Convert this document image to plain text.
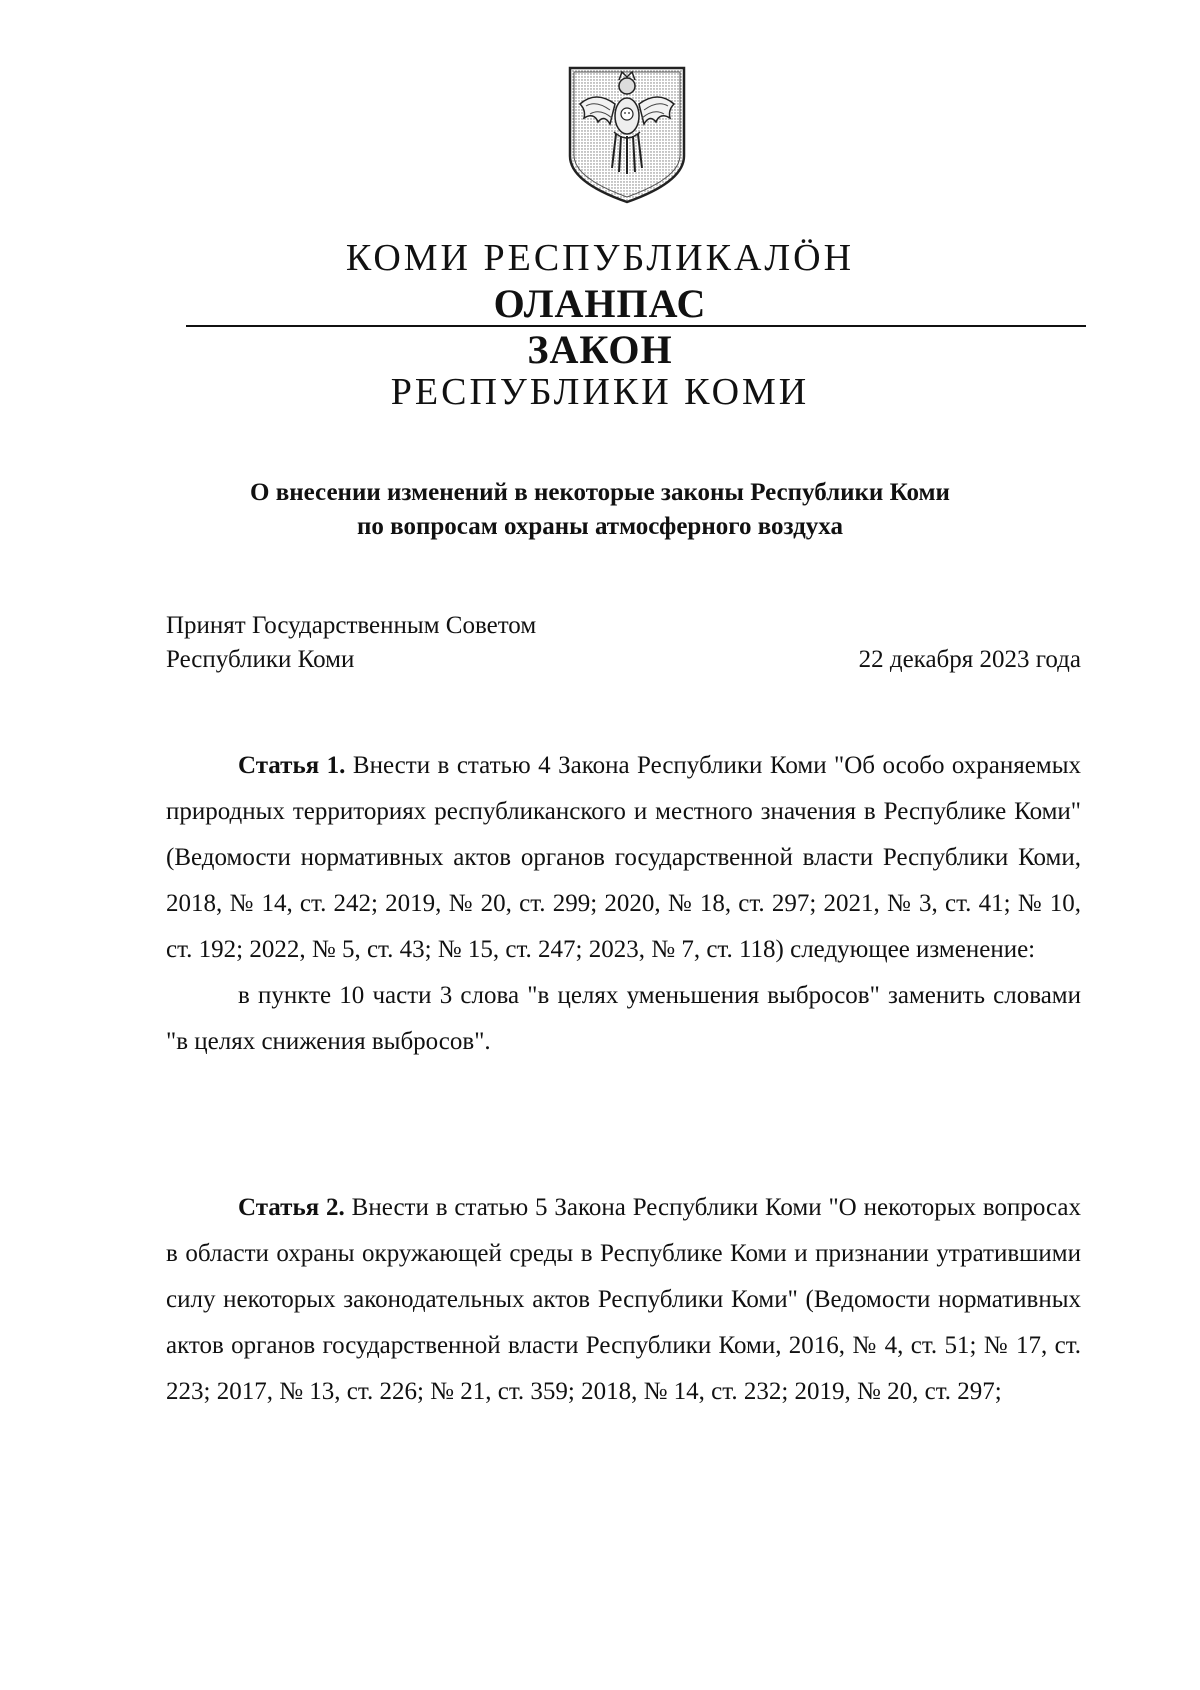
КОМИ РЕСПУБЛИКАЛӦН
ОЛАНПАС
ЗАКОН
РЕСПУБЛИКИ КОМИ
О внесении изменений в некоторые законы Республики Коми
по вопросам охраны атмосферного воздуха
Принят Государственным Советом
Республики Коми	22 декабря 2023 года

Статья 1. Внести в статью 4 Закона Республики Коми "Об особо охраняемых природных территориях республиканского и местного значения в Республике Коми" (Ведомости нормативных актов органов государственной власти Республики Коми, 2018, № 14, ст. 242; 2019, № 20, ст. 299; 2020, № 18, ст. 297; 2021, № 3, ст. 41; № 10, ст. 192; 2022, № 5, ст. 43; № 15, ст. 247; 2023, № 7, ст. 118) следующее изменение:

в пункте 10 части 3 слова "в целях уменьшения выбросов" заменить словами "в целях снижения выбросов".

Статья 2. Внести в статью 5 Закона Республики Коми "О некоторых вопросах в области охраны окружающей среды в Республике Коми и признании утратившими силу некоторых законодательных актов Республики Коми" (Ведомости нормативных актов органов государственной власти Республики Коми, 2016, № 4, ст. 51; № 17, ст. 223; 2017, № 13, ст. 226; № 21, ст. 359; 2018, № 14, ст. 232; 2019, № 20, ст. 297;
